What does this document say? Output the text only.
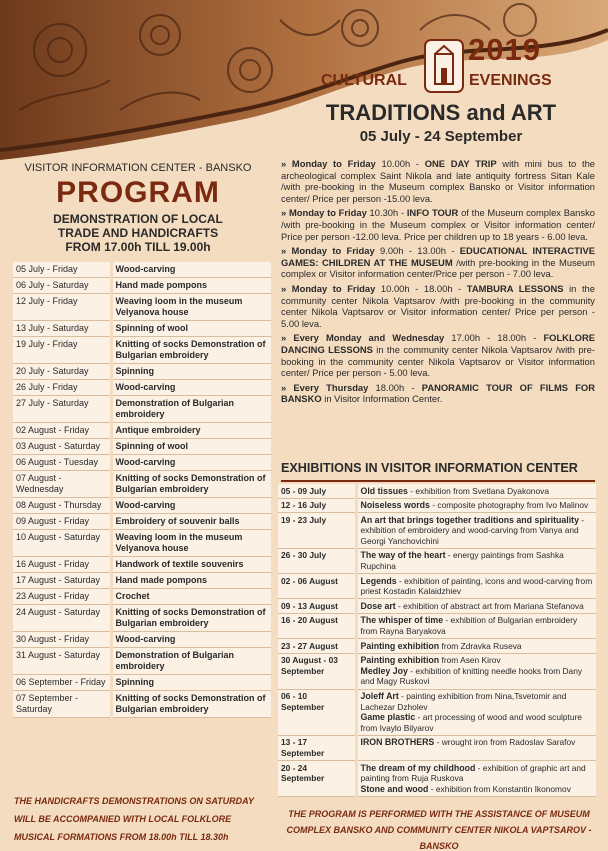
2019
CULTURAL	EVENINGS
TRADITIONS and ART
05 July - 24 September
VISITOR INFORMATION CENTER - BANSKO
PROGRAM
DEMONSTRATION OF LOCAL
TRADE AND HANDICRAFTS
FROM 17.00h TILL 19.00h
05 July - Friday	Wood-carving
06 July - Saturday	Hand made pompons
12 July - Friday	Weaving loom in the museum Velyanova house
13 July - Saturday	Spinning of wool
19 July - Friday	Knitting of socks Demonstration of Bulgarian embroidery
20 July - Saturday	Spinning
26 July - Friday	Wood-carving
27 July - Saturday	Demonstration of Bulgarian embroidery
02 August - Friday	Antique embroidery
03 August - Saturday	Spinning of wool
06 August - Tuesday	Wood-carving
07 August - Wednesday	Knitting of socks Demonstration of Bulgarian embroidery
08 August - Thursday	Wood-carving
09 August - Friday	Embroidery of souvenir balls
10 August - Saturday	Weaving loom in the museum Velyanova house
16 August - Friday	Handwork of textile souvenirs
17 August - Saturday	Hand made pompons
23 August - Friday	Crochet
24 August - Saturday	Knitting of socks Demonstration of Bulgarian embroidery
30 August - Friday	Wood-carving
31 August - Saturday	Demonstration of Bulgarian embroidery
06 September - Friday	Spinning
07 September - Saturday	Knitting of socks Demonstration of Bulgarian embroidery
THE HANDICRAFTS DEMONSTRATIONS ON SATURDAY WILL BE ACCOMPANIED WITH LOCAL FOLKLORE MUSICAL FORMATIONS FROM 18.00h TILL 18.30h

» Monday to Friday 10.00h - ONE DAY TRIP with mini bus to the archeological complex Saint Nikola and late antiquity fortress Sitan Kale /with pre-booking in the Museum complex Bansko or Visitor information center/ Price per person -15.00 leva.

» Monday to Friday 10.30h - INFO TOUR of the Museum complex Bansko /with pre-booking in the Museum complex or Visitor information center/ Price per person -12.00 leva. Price per children up to 18 years - 6.00 leva.

» Monday to Friday 9.00h - 13.00h - EDUCATIONAL INTERACTIVE GAMES: CHILDREN AT THE MUSEUM /with pre-booking in the Museum complex or Visitor information center/Price per person - 7.00 leva.

» Monday to Friday 10.00h - 18.00h - TAMBURA LESSONS in the community center Nikola Vaptsarov /with pre-booking in the community center Nikola Vaptsarov or Visitor information center/ Price per person - 5.00 leva.

» Every Monday and Wednesday 17.00h - 18.00h - FOLKLORE DANCING LESSONS in the community center Nikola Vaptsarov /with pre-booking in the community center Nikola Vaptsarov or Visitor information center/ Price per person - 5.00 leva.

» Every Thursday 18.00h - PANORAMIC TOUR OF FILMS FOR BANSKO in Visitor Information Center.

EXHIBITIONS IN VISITOR INFORMATION CENTER
05 - 09 July	Old tissues - exhibition from Svetlana Dyakonova

12 - 16 July	Noiseless words - composite photography from Ivo Malinov

19 - 23 July	An art that brings together traditions and spirituality - exhibition of embroidery and wood-carving from Vanya and Georgi Yanchovichini

26 - 30 July	The way of the heart - energy paintings from Sashka Rupchina

02 - 06 August	Legends - exhibition of painting, icons and wood-carving from priest Kostadin Kalaidzhiev

09 - 13 August	Dose art - exhibition of abstract art from Mariana Stefanova

16 - 20 August	The whisper of time - exhibition of Bulgarian embroidery from Rayna Baryakova

23 - 27 August	Painting exhibition from Zdravka Ruseva

30 August - 03 September	Painting exhibition from Asen Kirov
Medley Joy - exhibition of knitting needle hooks from Dany and Magy Ruskovi

06 - 10 September	Joleff Art - painting exhibition from Nina,Tsvetomir and Lachezar Dzholev
Game plastic - art processing of wood and wood sculpture from Ivaylo Bilyarov

13 - 17 September	IRON BROTHERS - wrought iron from Radoslav Sarafov

20 - 24 September	The dream of my childhood - exhibition of graphic art and painting from Ruja Ruskova
Stone and wood - exhibition from Konstantin Ikonomov
THE PROGRAM IS PERFORMED WITH THE ASSISTANCE OF MUSEUM COMPLEX BANSKO AND COMMUNITY CENTER NIKOLA VAPTSAROV - BANSKO
